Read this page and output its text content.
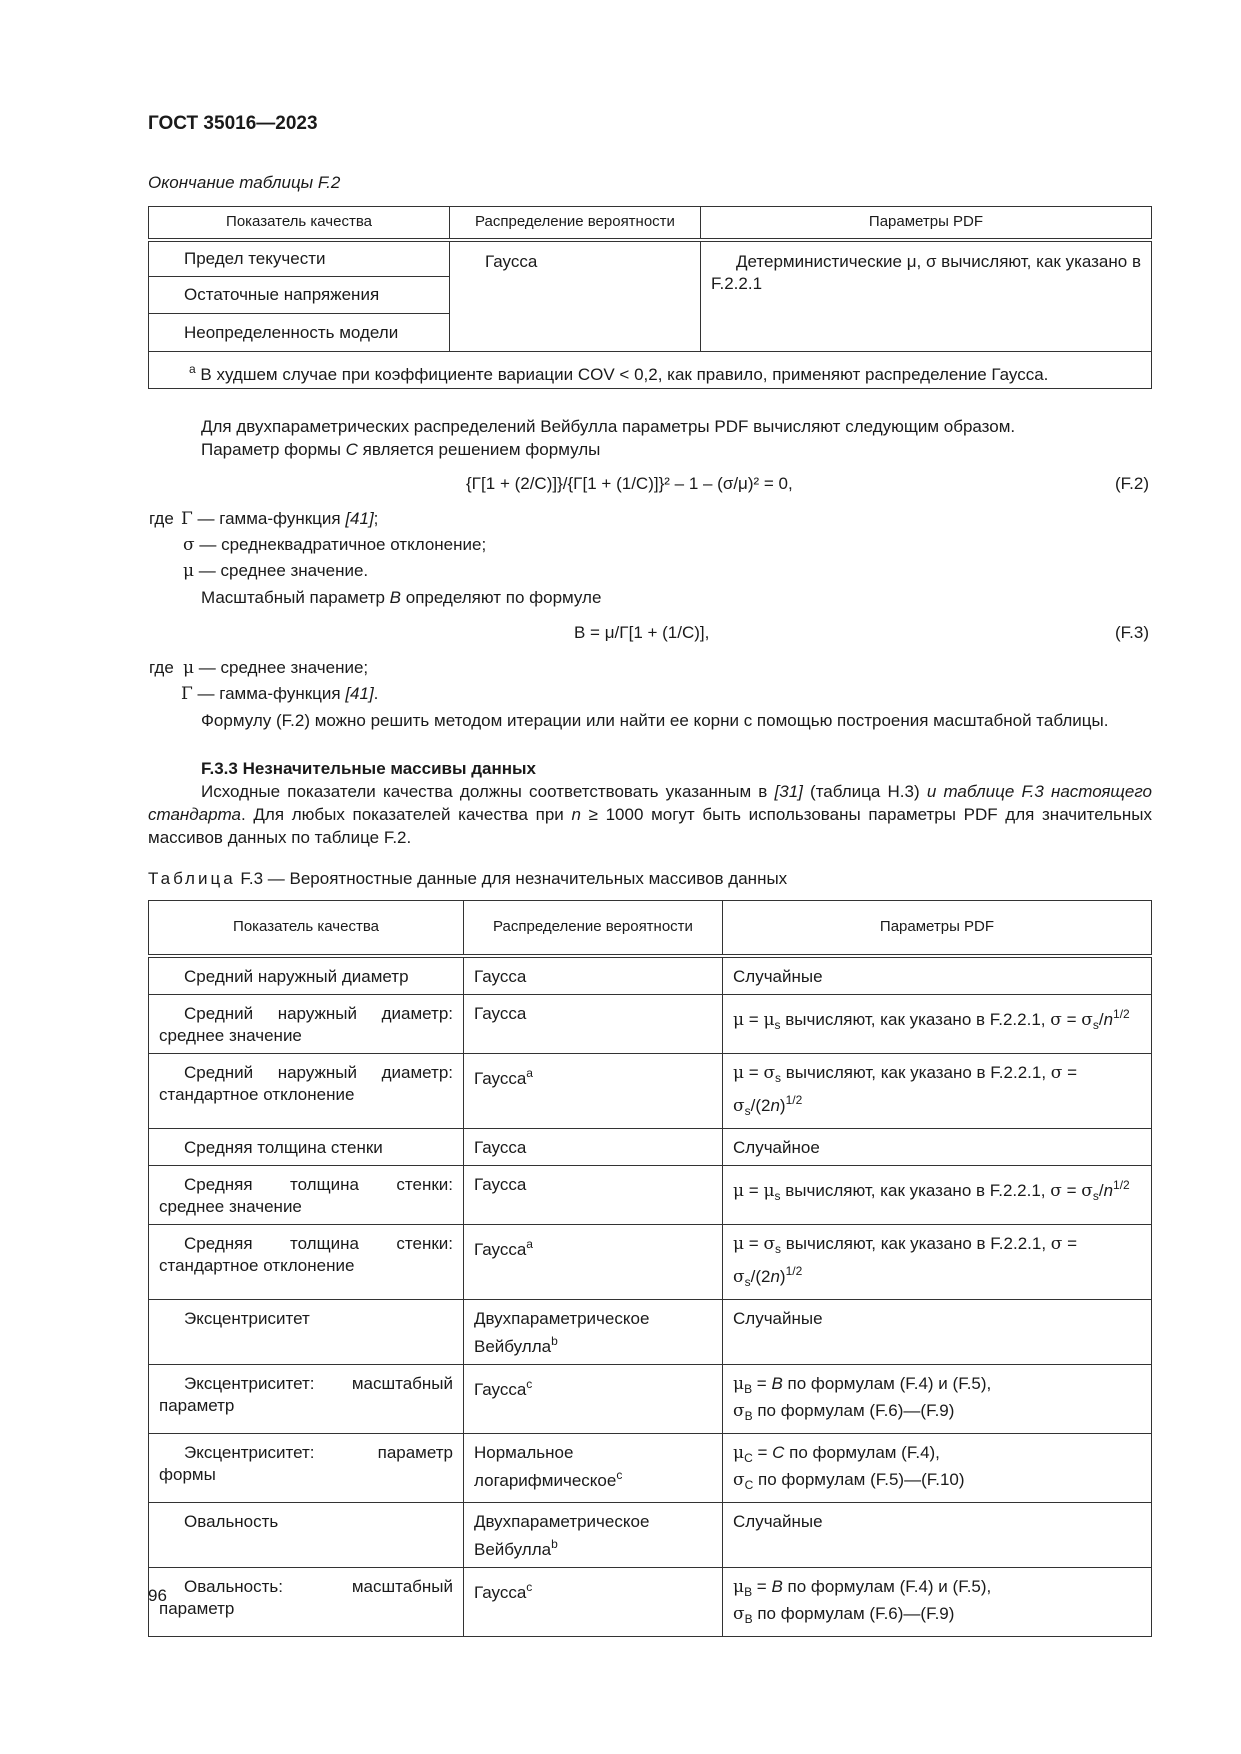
ГОСТ 35016—2023
Окончание таблицы F.2
Показатель качества	Распределение вероятности	Параметры PDF
Предел текучести	Гаусса	Детерминистические μ, σ вычисляют, как указано в F.2.2.1
Остаточные напряжения		
Неопределенность модели		
$^a$ В худшем случае при коэффициенте вариации COV < 0,2, как правило, применяют распределение Гаусса.		
Для двухпараметрических распределений Вейбулла параметры PDF вычисляют следующим образом.
Параметр формы C является решением формулы
{Γ[1 + (2/C)]}/{Γ[1 + (1/C)]}² – 1 – (σ/μ)² = 0,	(F.2)
где Γ — гамма-функция [41];
σ — среднеквадратичное отклонение;
μ — среднее значение.
Масштабный параметр B определяют по формуле
B = μ/Γ[1 + (1/C)],	(F.3)
где μ — среднее значение;
Γ — гамма-функция [41].
Формулу (F.2) можно решить методом итерации или найти ее корни с помощью построения масштабной таблицы.
F.3.3 Незначительные массивы данных
Исходные показатели качества должны соответствовать указанным в [31] (таблица Н.3) и таблице F.3 настоящего стандарта. Для любых показателей качества при n ≥ 1000 могут быть использованы параметры PDF для значительных массивов данных по таблице F.2.
Таблица F.3 — Вероятностные данные для незначительных массивов данных
Показатель качества	Распределение вероятности	Параметры PDF
Средний наружный диаметр	Гаусса	Случайные
Средний наружный диаметр: среднее значение	Гаусса	$\mu = \mu_s$ вычисляют, как указано в F.2.2.1, $\sigma = \sigma_s/n^{1/2}$
Средний наружный диаметр: стандартное отклонение	Гаусса$^a$	$\mu = \sigma_s$ вычисляют, как указано в F.2.2.1, $\sigma = \sigma_s/(2n)^{1/2}$
Средняя толщина стенки	Гаусса	Случайное
Средняя толщина стенки: среднее значение	Гаусса	$\mu = \mu_s$ вычисляют, как указано в F.2.2.1, $\sigma = \sigma_s/n^{1/2}$
Средняя толщина стенки: стандартное отклонение	Гаусса$^a$	$\mu = \sigma_s$ вычисляют, как указано в F.2.2.1, $\sigma = \sigma_s/(2n)^{1/2}$
Эксцентриситет	Двухпараметрическое Вейбулла$^b$	Случайные
Эксцентриситет: масштабный параметр	Гаусса$^c$	$\mu_B = B$ по формулам (F.4) и (F.5),
$\sigma_B$ по формулам (F.6)—(F.9)
Эксцентриситет: параметр формы	Нормальное логарифмическое$^c$	$\mu_C = C$ по формулам (F.4),
$\sigma_C$ по формулам (F.5)—(F.10)
Овальность	Двухпараметрическое Вейбулла$^b$	Случайные
Овальность: масштабный параметр	Гаусса$^c$	$\mu_B = B$ по формулам (F.4) и (F.5),
$\sigma_B$ по формулам (F.6)—(F.9)
96
